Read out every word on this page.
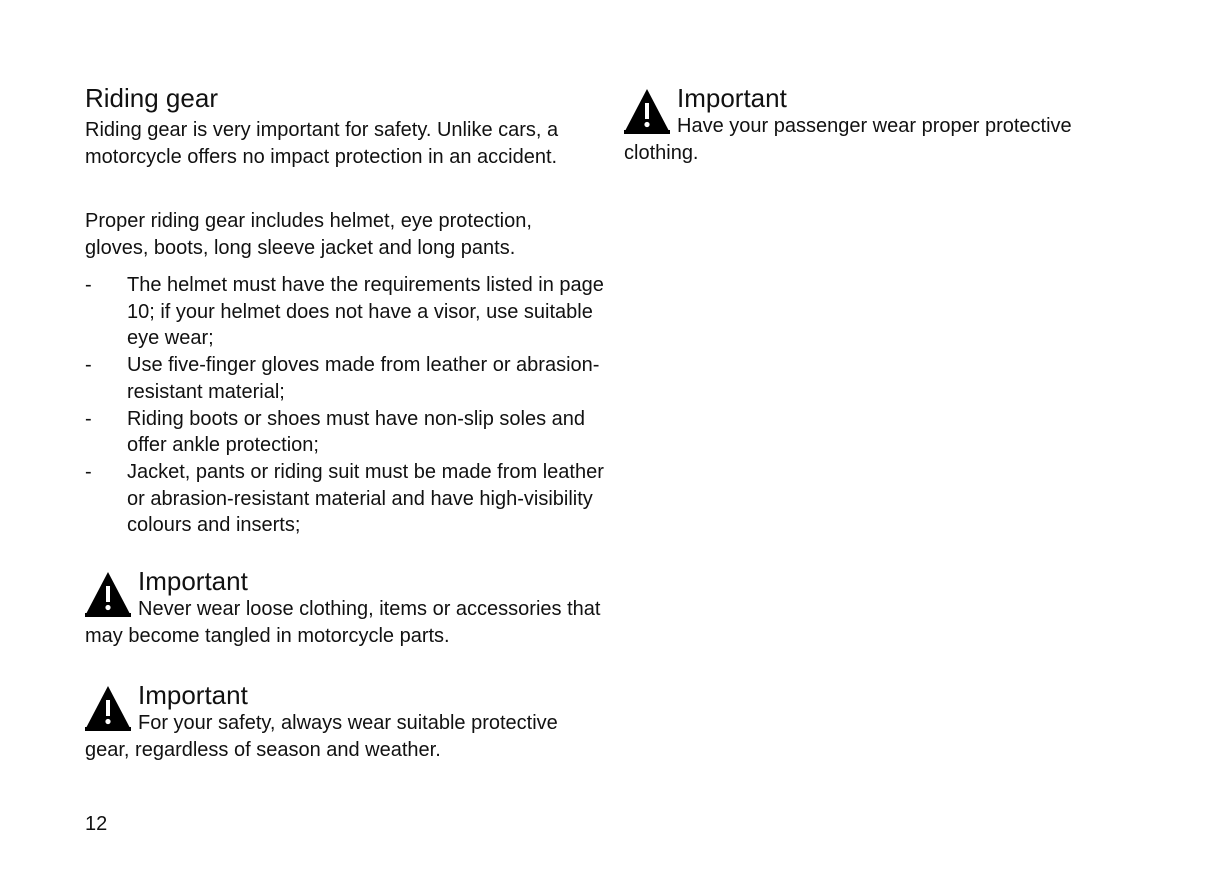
Riding gear

Riding gear is very important for safety. Unlike cars, a motorcycle offers no impact protection in an accident.

Proper riding gear includes helmet, eye protection, gloves, boots, long sleeve jacket and long pants.

- The helmet must have the requirements listed in page 10; if your helmet does not have a visor, use suitable eye wear;
- Use five-finger gloves made from leather or abrasion-resistant material;
- Riding boots or shoes must have non-slip soles and offer ankle protection;
- Jacket, pants or riding suit must be made from leather or abrasion-resistant material and have high-visibility colours and inserts;
Important
Never wear loose clothing, items or accessories that may become tangled in motorcycle parts.
Important
For your safety, always wear suitable protective gear, regardless of season and weather.
Important
Have your passenger wear proper protective clothing.
12
